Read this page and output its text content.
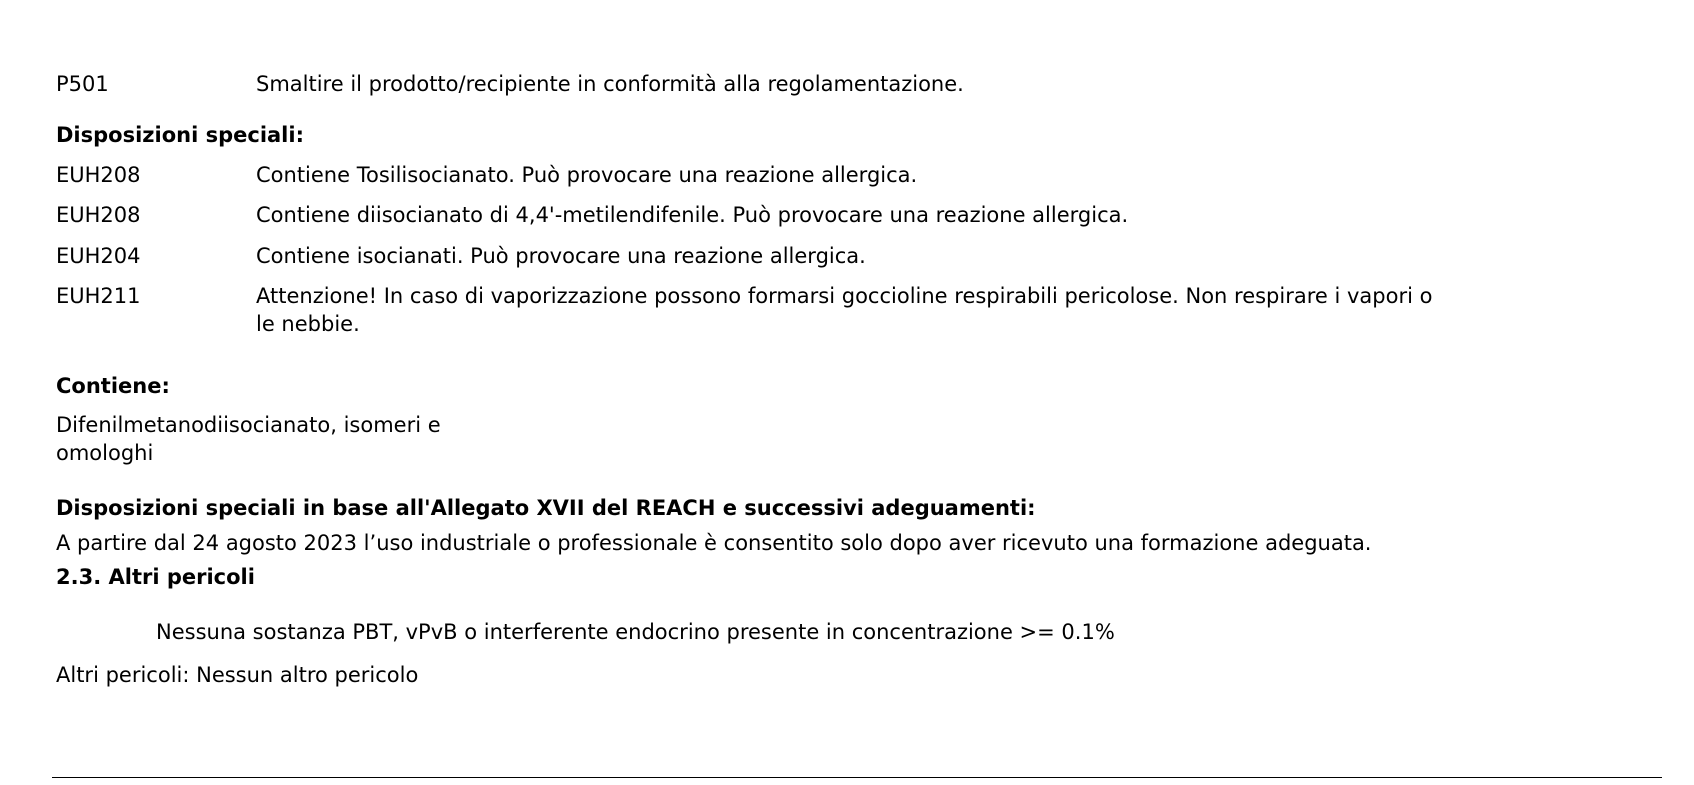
P501	Smaltire il prodotto/recipiente in conformità alla regolamentazione.

Disposizioni speciali:

EUH208	Contiene Tosilisocianato. Può provocare una reazione allergica.

EUH208	Contiene diisocianato di 4,4'-metilendifenile. Può provocare una reazione allergica.

EUH204	Contiene isocianati. Può provocare una reazione allergica.

EUH211	Attenzione! In caso di vaporizzazione possono formarsi goccioline respirabili pericolose. Non respirare i vapori o le nebbie.

Contiene:

Difenilmetanodiisocianato, isomeri e omologhi

Disposizioni speciali in base all'Allegato XVII del REACH e successivi adeguamenti:

A partire dal 24 agosto 2023 l’uso industriale o professionale è consentito solo dopo aver ricevuto una formazione adeguata.

2.3. Altri pericoli

Nessuna sostanza PBT, vPvB o interferente endocrino presente in concentrazione >= 0.1%

Altri pericoli: Nessun altro pericolo
